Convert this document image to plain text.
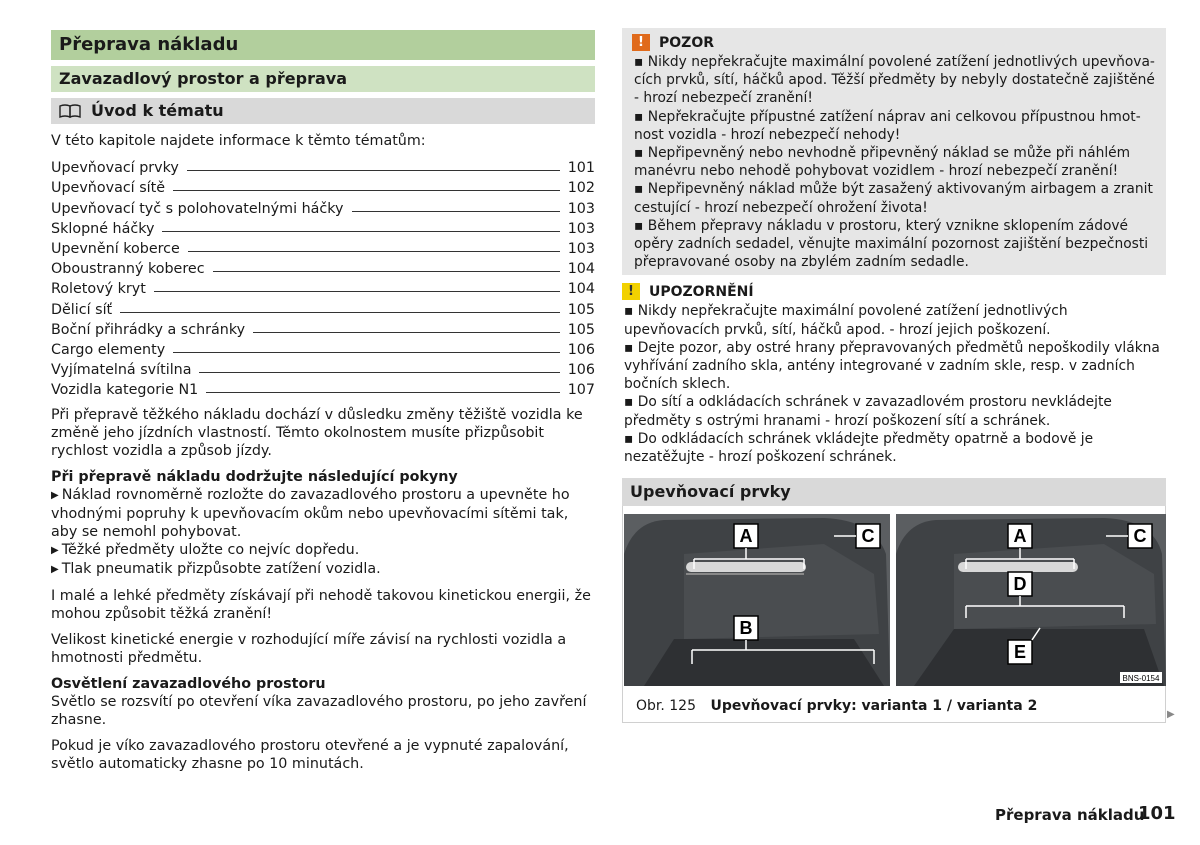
Přeprava nákladu
Zavazadlový prostor a přeprava
Úvod k tématu

V této kapitole najdete informace k těmto tématům:

Upevňovací prvky	101
Upevňovací sítě	102
Upevňovací tyč s polohovatelnými háčky	103
Sklopné háčky	103
Upevnění koberce	103
Oboustranný koberec	104
Roletový kryt	104
Dělicí síť	105
Boční přihrádky a schránky	105
Cargo elementy	106
Vyjímatelná svítilna	106
Vozidla kategorie N1	107

Při přepravě těžkého nákladu dochází v důsledku změny těžiště vozidla ke změně jeho jízdních vlastností. Těmto okolnostem musíte přizpůsobit rychlost vozidla a způsob jízdy.

Při přepravě nákladu dodržujte následující pokyny
▶ Náklad rovnoměrně rozložte do zavazadlového prostoru a upevněte ho vhodnými popruhy k upevňovacím okům nebo upevňovacími sítěmi tak, aby se nemohl pohybovat.
▶ Těžké předměty uložte co nejvíc dopředu.
▶ Tlak pneumatik přizpůsobte zatížení vozidla.

I malé a lehké předměty získávají při nehodě takovou kinetickou energii, že mohou způsobit těžká zranění!

Velikost kinetické energie v rozhodující míře závisí na rychlosti vozidla a hmotnosti předmětu.

Osvětlení zavazadlového prostoru

Světlo se rozsvítí po otevření víka zavazadlového prostoru, po jeho zavření zhasne.

Pokud je víko zavazadlového prostoru otevřené a je vypnuté zapalování, světlo automaticky zhasne po 10 minutách.

!	POZOR
▪ Nikdy nepřekračujte maximální povolené zatížení jednotlivých upevňovacích prvků, sítí, háčků apod. Těžší předměty by nebyly dostatečně zajištěné - hrozí nebezpečí zranění!
▪ Nepřekračujte přípustné zatížení náprav ani celkovou přípustnou hmotnost vozidla - hrozí nebezpečí nehody!
▪ Nepřipevněný nebo nevhodně připevněný náklad se může při náhlém manévru nebo nehodě pohybovat vozidlem - hrozí nebezpečí zranění!
▪ Nepřipevněný náklad může být zasažený aktivovaným airbagem a zranit cestující - hrozí nebezpečí ohrožení života!
▪ Během přepravy nákladu v prostoru, který vznikne sklopením zádové opěry zadních sedadel, věnujte maximální pozornost zajištění bezpečnosti přepravované osoby na zbylém zadním sedadle.
!	UPOZORNĚNÍ
▪ Nikdy nepřekračujte maximální povolené zatížení jednotlivých upevňovacích prvků, sítí, háčků apod. - hrozí jejich poškození.
▪ Dejte pozor, aby ostré hrany přepravovaných předmětů nepoškodily vlákna vyhřívání zadního skla, antény integrované v zadním skle, resp. v zadních bočních sklech.
▪ Do sítí a odkládacích schránek v zavazadlovém prostoru nevkládejte předměty s ostrými hranami - hrozí poškození sítí a schránek.
▪ Do odkládacích schránek vkládejte předměty opatrně a bodově je nezatěžujte - hrozí poškození schránek.
Upevňovací prvky
A	C
B
A	C
D
E
BNS-0154
Obr. 125 Upevňovací prvky: varianta 1 / varianta 2
▶
Přeprava nákladu
101
